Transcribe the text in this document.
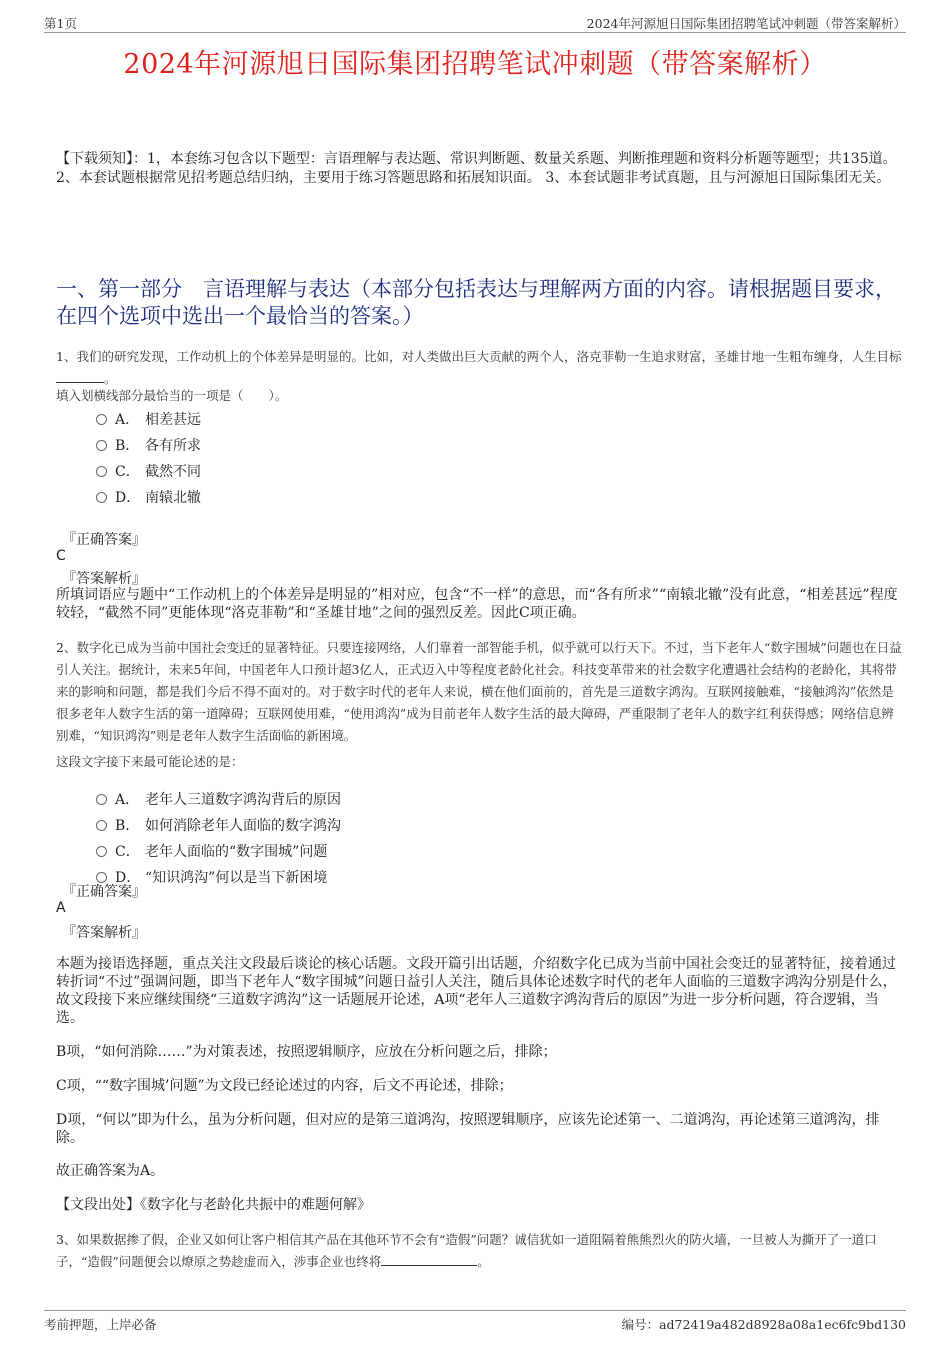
第1页	2024年河源旭日国际集团招聘笔试冲刺题（带答案解析）
2024年河源旭日国际集团招聘笔试冲刺题（带答案解析）
【下载须知】：1，本套练习包含以下题型：言语理解与表达题、常识判断题、数量关系题、判断推理题和资料分析题等题型；共135道。 2、本套试题根据常见招考题总结归纳，主要用于练习答题思路和拓展知识面。 3、本套试题非考试真题，且与河源旭日国际集团无关。
一、第一部分　言语理解与表达（本部分包括表达与理解两方面的内容。请根据题目要求，在四个选项中选出一个最恰当的答案。）
1、我们的研究发现，工作动机上的个体差异是明显的。比如，对人类做出巨大贡献的两个人，洛克菲勒一生追求财富，圣雄甘地一生粗布缠身，人生目标。
填入划横线部分最恰当的一项是（　　）。
A． 相差甚远
B． 各有所求
C． 截然不同
D． 南辕北辙
『正确答案』
C
『答案解析』
所填词语应与题中“工作动机上的个体差异是明显的”相对应，包含“不一样”的意思，而“各有所求”“南辕北辙”没有此意，“相差甚远”程度较轻，“截然不同”更能体现“洛克菲勒”和“圣雄甘地”之间的强烈反差。因此C项正确。
2、数字化已成为当前中国社会变迁的显著特征。只要连接网络，人们靠着一部智能手机，似乎就可以行天下。不过，当下老年人“数字围城”问题也在日益引人关注。据统计，未来5年间，中国老年人口预计超3亿人，正式迈入中等程度老龄化社会。科技变革带来的社会数字化遭遇社会结构的老龄化，其将带来的影响和问题，都是我们今后不得不面对的。对于数字时代的老年人来说，横在他们面前的，首先是三道数字鸿沟。互联网接触难，“接触鸿沟”依然是很多老年人数字生活的第一道障碍；互联网使用难，“使用鸿沟”成为目前老年人数字生活的最大障碍，严重限制了老年人的数字红利获得感；网络信息辨别难，“知识鸿沟”则是老年人数字生活面临的新困境。
这段文字接下来最可能论述的是：
A． 老年人三道数字鸿沟背后的原因
B． 如何消除老年人面临的数字鸿沟
C． 老年人面临的“数字围城”问题
D． “知识鸿沟”何以是当下新困境
『正确答案』
A
『答案解析』
本题为接语选择题，重点关注文段最后谈论的核心话题。文段开篇引出话题，介绍数字化已成为当前中国社会变迁的显著特征，接着通过转折词“不过”强调问题，即当下老年人“数字围城”问题日益引人关注，随后具体论述数字时代的老年人面临的三道数字鸿沟分别是什么，故文段接下来应继续围绕“三道数字鸿沟”这一话题展开论述，A项“老年人三道数字鸿沟背后的原因”为进一步分析问题，符合逻辑，当选。
B项，“如何消除……”为对策表述，按照逻辑顺序，应放在分析问题之后，排除；
C项，““数字围城’问题”为文段已经论述过的内容，后文不再论述，排除；
D项，“何以”即为什么，虽为分析问题，但对应的是第三道鸿沟，按照逻辑顺序，应该先论述第一、二道鸿沟，再论述第三道鸿沟，排除。
故正确答案为A。
【文段出处】《数字化与老龄化共振中的难题何解》
3、如果数据掺了假，企业又如何让客户相信其产品在其他环节不会有“造假”问题？诚信犹如一道阻隔着熊熊烈火的防火墙，一旦被人为撕开了一道口子，“造假”问题便会以燎原之势趁虚而入，涉事企业也终将	。
考前押题，上岸必备	编号：ad72419a482d8928a08a1ec6fc9bd130
